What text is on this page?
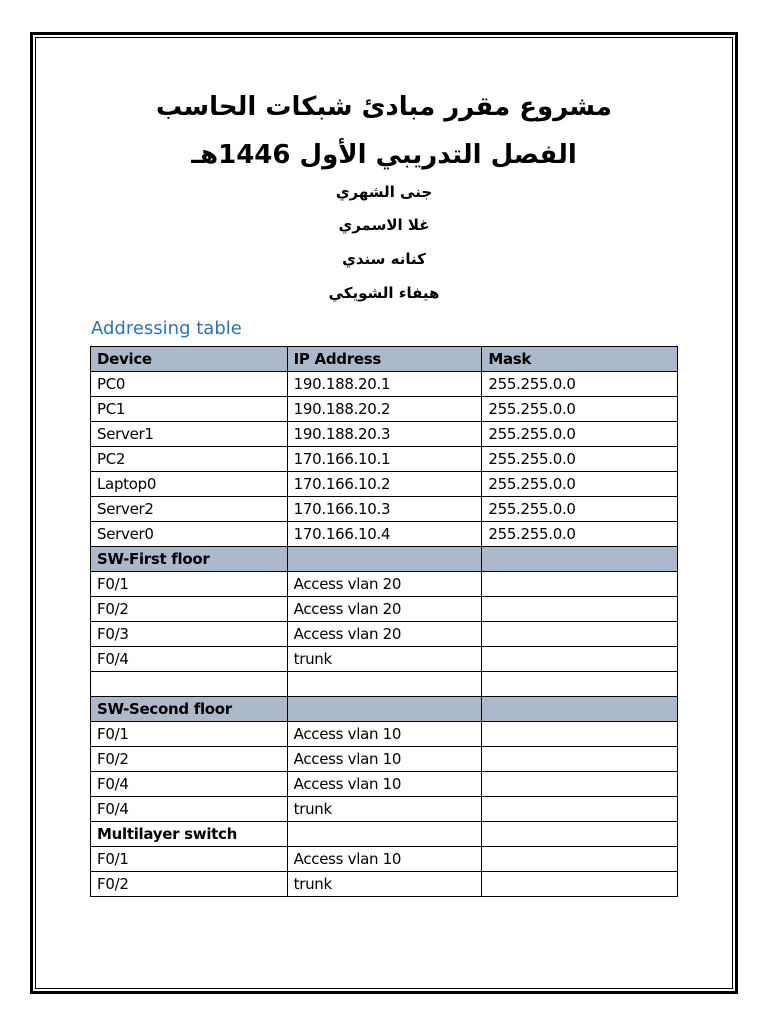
مشروع مقرر مبادئ شبكات الحاسب
الفصل التدريبي الأول 1446هـ
جنى الشهري
غلا الاسمري
كنانه سندي
هيفاء الشويكي
Addressing table
Device	IP Address	Mask
PC0	190.188.20.1	255.255.0.0
PC1	190.188.20.2	255.255.0.0
Server1	190.188.20.3	255.255.0.0
PC2	170.166.10.1	255.255.0.0
Laptop0	170.166.10.2	255.255.0.0
Server2	170.166.10.3	255.255.0.0
Server0	170.166.10.4	255.255.0.0
SW-First floor		
F0/1	Access vlan 20	
F0/2	Access vlan 20	
F0/3	Access vlan 20	
F0/4	trunk	

SW-Second floor		
F0/1	Access vlan 10	
F0/2	Access vlan 10	
F0/4	Access vlan 10	
F0/4	trunk	
Multilayer switch		
F0/1	Access vlan 10	
F0/2	trunk	
